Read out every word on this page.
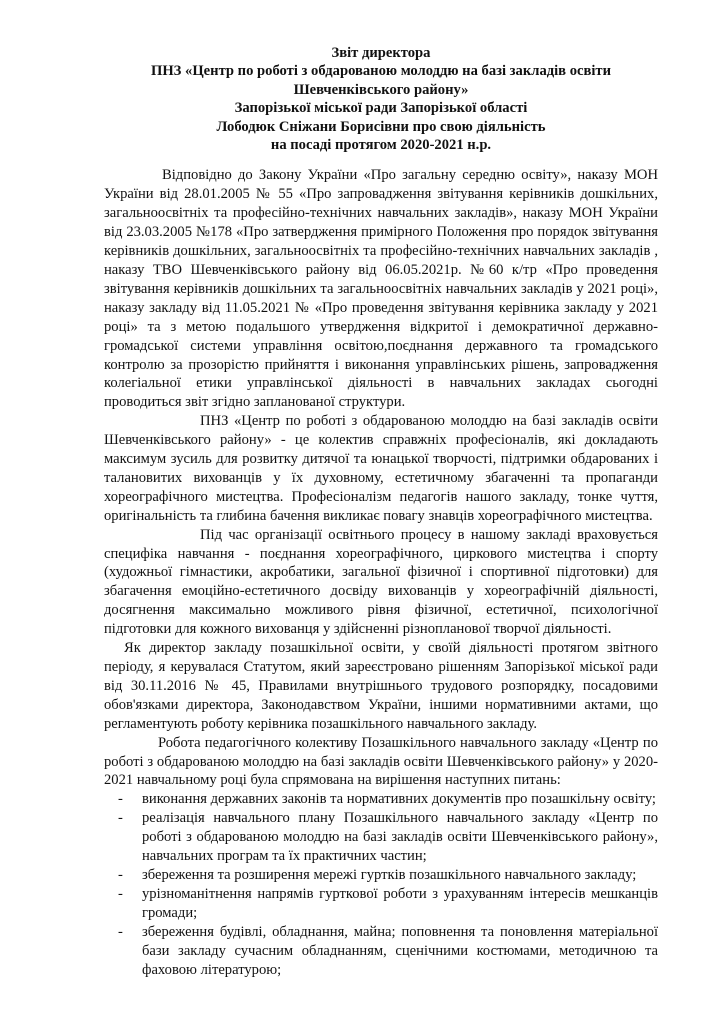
Звіт директора
ПНЗ «Центр по роботі з обдарованою молоддю на базі закладів освіти
Шевченківського району»
Запорізької міської ради Запорізької області
Лободюк Сніжани Борисівни про свою діяльність
на посаді протягом 2020-2021 н.р.

Відповідно до Закону України «Про загальну середню освіту», наказу МОН України від 28.01.2005 № 55 «Про запровадження звітування керівників дошкільних, загальноосвітніх та професійно-технічних навчальних закладів», наказу МОН України від 23.03.2005 №178 «Про затвердження примірного Положення про порядок звітування керівників дошкільних, загальноосвітніх та професійно-технічних навчальних закладів , наказу ТВО Шевченківського району від 06.05.2021р. №60 к/тр «Про проведення звітування керівників дошкільних та загальноосвітніх навчальних закладів у 2021 році», наказу закладу від 11.05.2021 № «Про проведення звітування керівника закладу у 2021 році» та з метою подальшого утвердження відкритої і демократичної державно- громадської системи управління освітою,поєднання державного та громадського контролю за прозорістю прийняття і виконання управлінських рішень, запровадження колегіальної етики управлінської діяльності в навчальних закладах сьогодні проводиться звіт згідно запланованої структури.

ПНЗ «Центр по роботі з обдарованою молоддю на базі закладів освіти Шевченківського району» - це колектив справжніх професіоналів, які докладають максимум зусиль для розвитку дитячої та юнацької творчості, підтримки обдарованих і талановитих вихованців у їх духовному, естетичному збагаченні та пропаганди хореографічного мистецтва. Професіоналізм педагогів нашого закладу, тонке чуття, оригінальність та глибина бачення викликає повагу знавців хореографічного мистецтва.

Під час організації освітнього процесу в нашому закладі враховується специфіка навчання - поєднання хореографічного, циркового мистецтва і спорту (художньої гімнастики, акробатики, загальної фізичної і спортивної підготовки) для збагачення емоційно-естетичного досвіду вихованців у хореографічній діяльності, досягнення максимально можливого рівня фізичної, естетичної, психологічної підготовки для кожного вихованця у здійсненні різнопланової творчої діяльності.

Як директор закладу позашкільної освіти, у своїй діяльності протягом звітного періоду, я керувалася Статутом, який зареєстровано рішенням Запорізької міської ради від 30.11.2016 № 45, Правилами внутрішнього трудового розпорядку, посадовими обов'язками директора, Законодавством України, іншими нормативними актами, що регламентують роботу керівника позашкільного навчального закладу.

Робота педагогічного колективу Позашкільного навчального закладу «Центр по роботі з обдарованою молоддю на базі закладів освіти Шевченківського району» у 2020-2021 навчальному році була спрямована на вирішення наступних питань:

- виконання державних законів та нормативних документів про позашкільну освіту;
- реалізація навчального плану Позашкільного навчального закладу «Центр по роботі з обдарованою молоддю на базі закладів освіти Шевченківського району», навчальних програм та їх практичних частин;
- збереження та розширення мережі гуртків позашкільного навчального закладу;
- урізноманітнення напрямів гурткової роботи з урахуванням інтересів мешканців громади;
- збереження будівлі, обладнання, майна; поповнення та поновлення матеріальної бази закладу сучасним обладнанням, сценічними костюмами, методичною та фаховою літературою;
